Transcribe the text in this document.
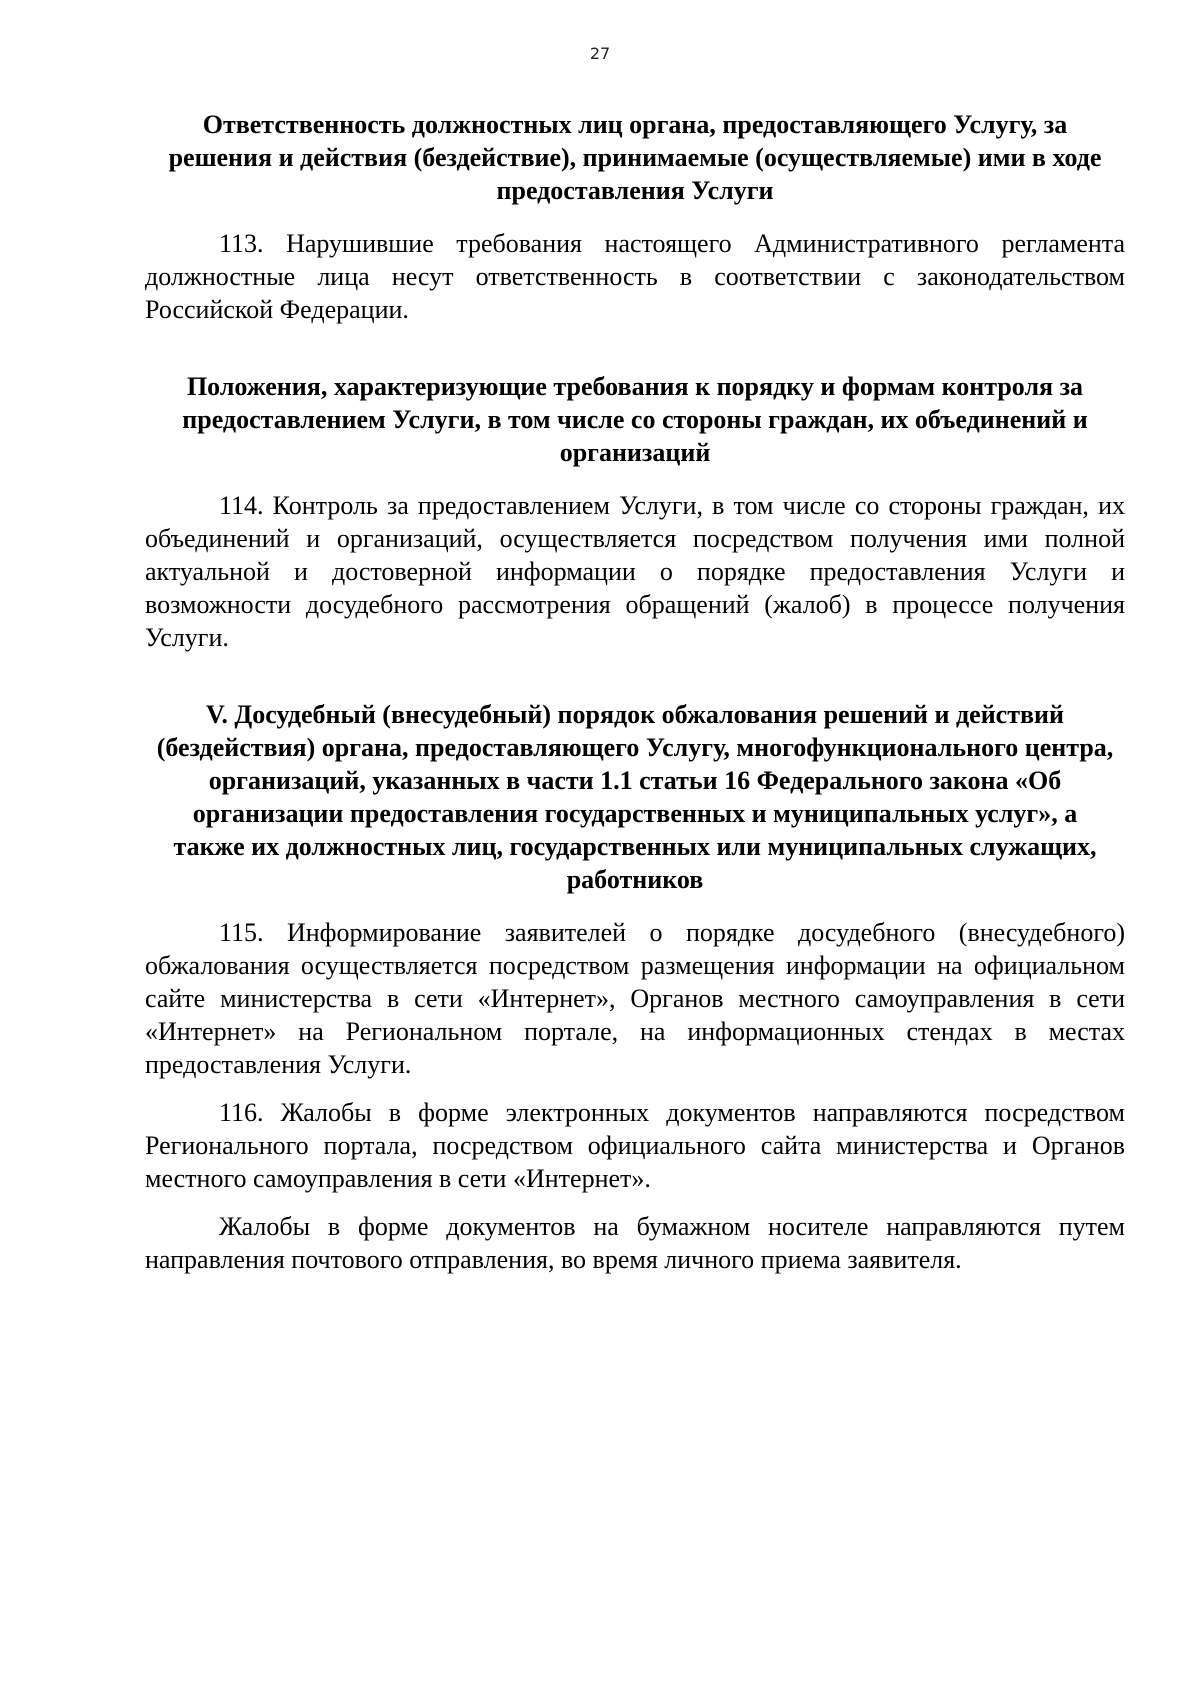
27

Ответственность должностных лиц органа, предоставляющего Услугу, за решения и действия (бездействие), принимаемые (осуществляемые) ими в ходе предоставления Услуги

113. Нарушившие требования настоящего Административного регламента должностные лица несут ответственность в соответствии с законодательством Российской Федерации.

Положения, характеризующие требования к порядку и формам контроля за предоставлением Услуги, в том числе со стороны граждан, их объединений и организаций

114. Контроль за предоставлением Услуги, в том числе со стороны граждан, их объединений и организаций, осуществляется посредством получения ими полной актуальной и достоверной информации о порядке предоставления Услуги и возможности досудебного рассмотрения обращений (жалоб) в процессе получения Услуги.

V. Досудебный (внесудебный) порядок обжалования решений и действий (бездействия) органа, предоставляющего Услугу, многофункционального центра, организаций, указанных в части 1.1 статьи 16 Федерального закона «Об организации предоставления государственных и муниципальных услуг», а также их должностных лиц, государственных или муниципальных служащих, работников

115. Информирование заявителей о порядке досудебного (внесудебного) обжалования осуществляется посредством размещения информации на официальном сайте министерства в сети «Интернет», Органов местного самоуправления в сети «Интернет» на Региональном портале, на информационных стендах в местах предоставления Услуги.

116. Жалобы в форме электронных документов направляются посредством Регионального портала, посредством официального сайта министерства и Органов местного самоуправления в сети «Интернет».

Жалобы в форме документов на бумажном носителе направляются путем направления почтового отправления, во время личного приема заявителя.
